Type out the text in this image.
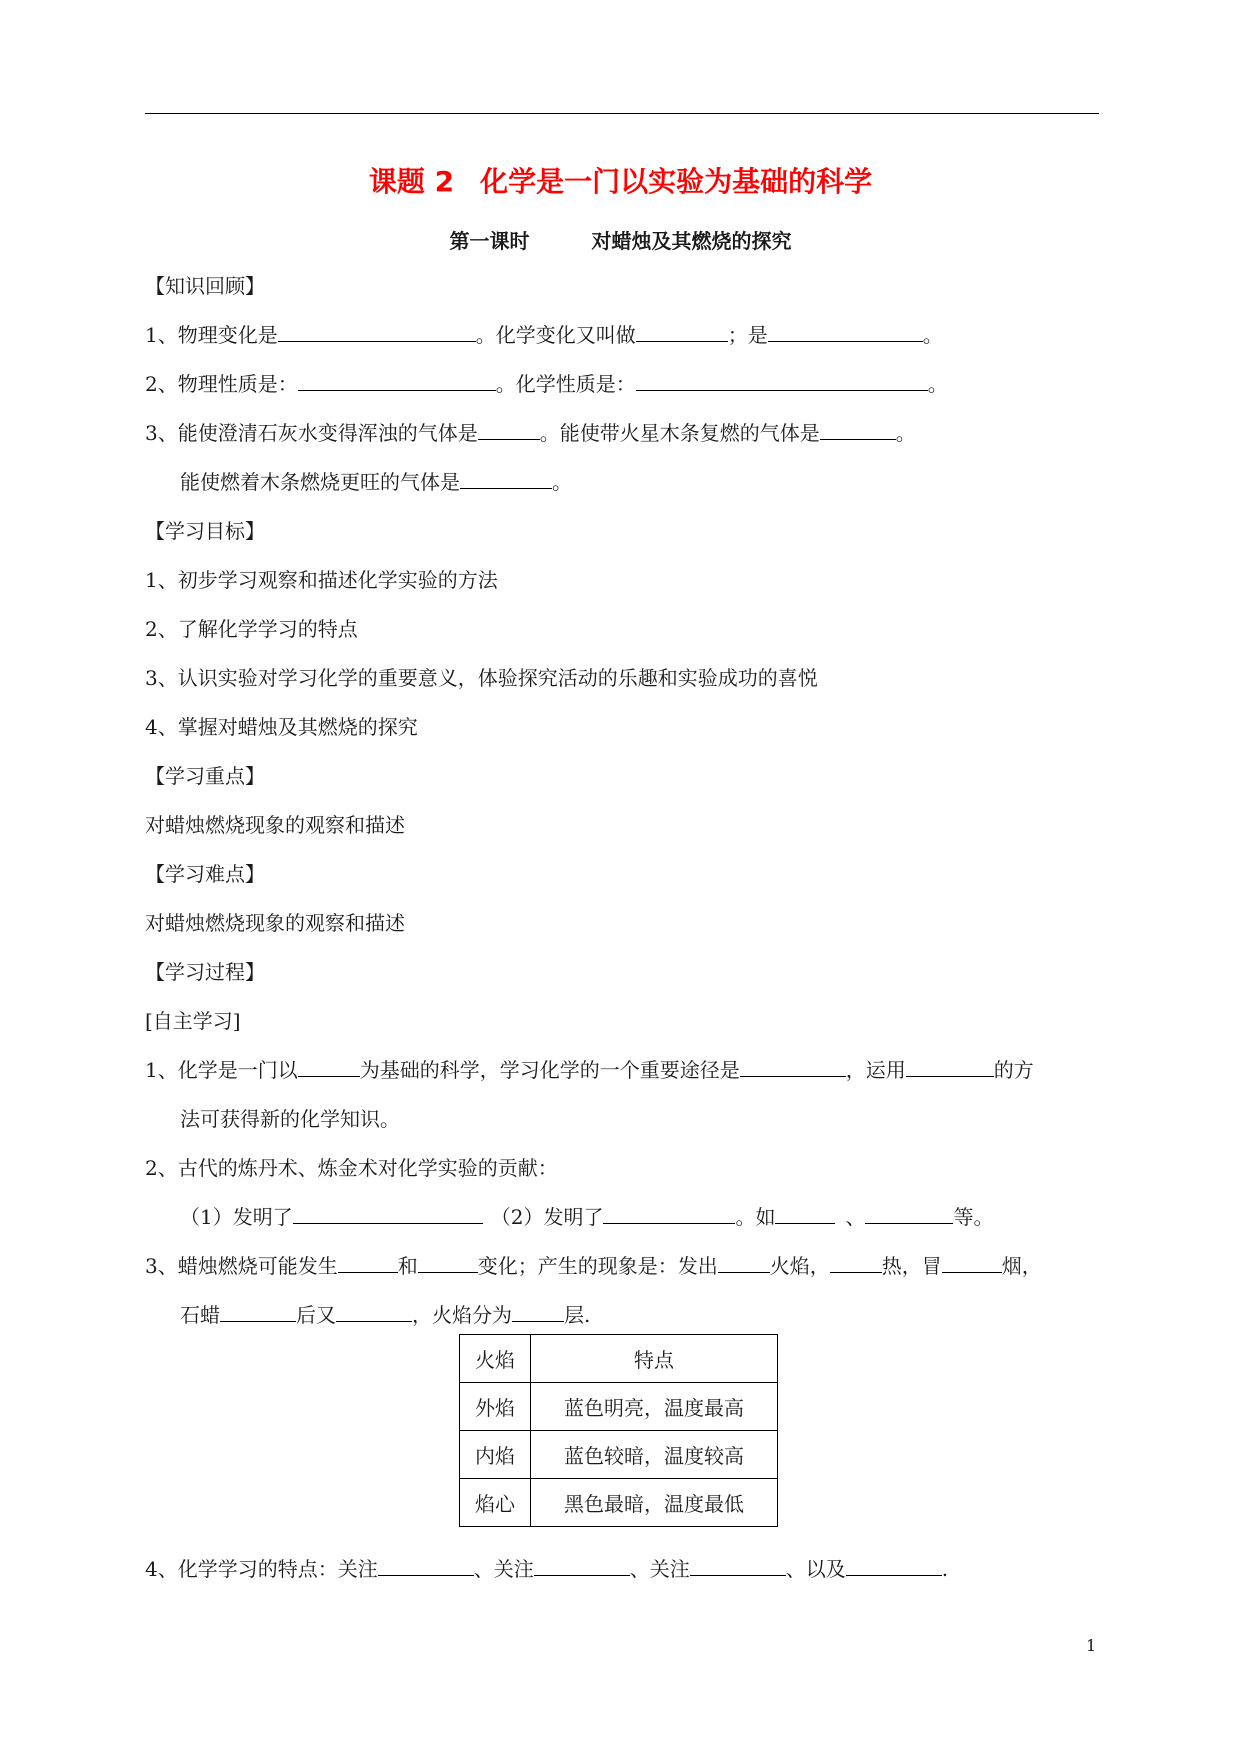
课题 2 化学是一门以实验为基础的科学
第一课时	对蜡烛及其燃烧的探究
【知识回顾】
1、物理变化是	。化学变化又叫做	；是	。
2、物理性质是：	。化学性质是：	。
3、能使澄清石灰水变得浑浊的气体是	。能使带火星木条复燃的气体是	。
能使燃着木条燃烧更旺的气体是	。
【学习目标】
1、初步学习观察和描述化学实验的方法
2、了解化学学习的特点
3、认识实验对学习化学的重要意义，体验探究活动的乐趣和实验成功的喜悦
4、掌握对蜡烛及其燃烧的探究
【学习重点】
对蜡烛燃烧现象的观察和描述
【学习难点】
对蜡烛燃烧现象的观察和描述
【学习过程】
[自主学习]
1、化学是一门以	为基础的科学，学习化学的一个重要途径是	，运用	的方
法可获得新的化学知识。
2、古代的炼丹术、炼金术对化学实验的贡献：
（1）发明了	（2）发明了	。如	、	等。
3、蜡烛燃烧可能发生	和	变化；产生的现象是：发出	火焰，	热，冒	烟，
石蜡	后又	，火焰分为	层.
火焰	特点
外焰	蓝色明亮，温度最高
内焰	蓝色较暗，温度较高
焰心	黑色最暗，温度最低
4、化学学习的特点：关注	、关注	、关注	、以及	.
1
